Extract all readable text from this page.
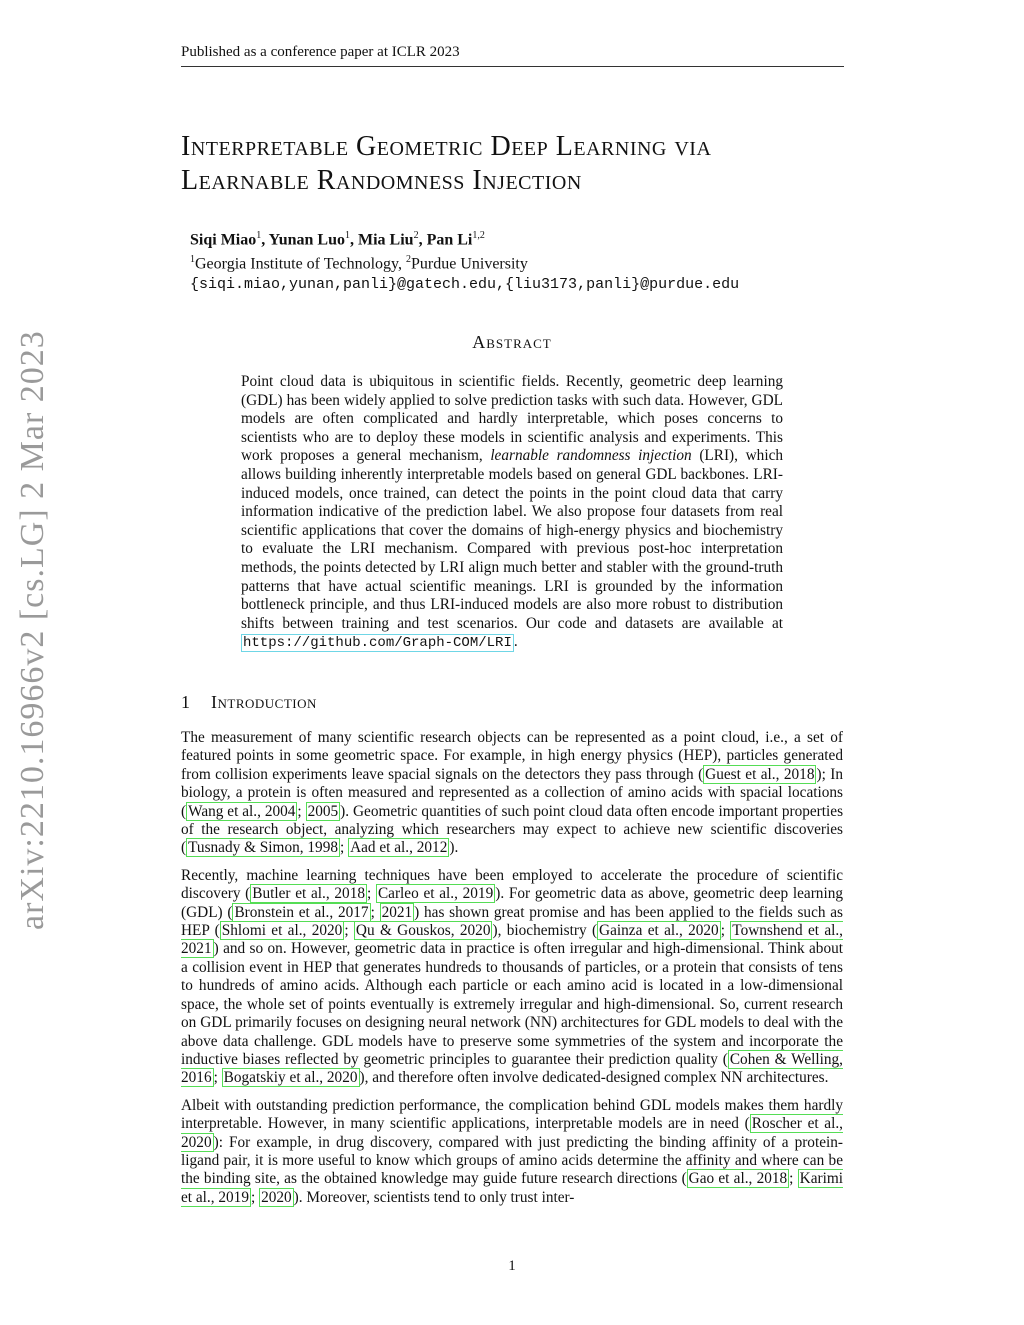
Published as a conference paper at ICLR 2023
arXiv:2210.16966v2 [cs.LG] 2 Mar 2023
Interpretable Geometric Deep Learning via
Learnable Randomness Injection
Siqi Miao$^1$, Yunan Luo$^1$, Mia Liu$^2$, Pan Li$^{1,2}$
$^1$Georgia Institute of Technology, $^2$Purdue University
{siqi.miao,yunan,panli}@gatech.edu,{liu3173,panli}@purdue.edu
Abstract
Point cloud data is ubiquitous in scientific fields. Recently, geometric deep learning (GDL) has been widely applied to solve prediction tasks with such data. However, GDL models are often complicated and hardly interpretable, which poses concerns to scientists who are to deploy these models in scientific analysis and experiments. This work proposes a general mechanism, learnable randomness injection (LRI), which allows building inherently interpretable models based on general GDL backbones. LRI-induced models, once trained, can detect the points in the point cloud data that carry information indicative of the prediction label. We also propose four datasets from real scientific applications that cover the domains of high-energy physics and biochemistry to evaluate the LRI mechanism. Compared with previous post-hoc interpretation methods, the points detected by LRI align much better and stabler with the ground-truth patterns that have actual scientific meanings. LRI is grounded by the information bottleneck principle, and thus LRI-induced models are also more robust to distribution shifts between training and test scenarios. Our code and datasets are available at https://github.com/Graph-COM/LRI .
1 Introduction

The measurement of many scientific research objects can be represented as a point cloud, i.e., a set of featured points in some geometric space. For example, in high energy physics (HEP), particles generated from collision experiments leave spacial signals on the detectors they pass through ( Guest et al., 2018 ); In biology, a protein is often measured and represented as a collection of amino acids with spacial locations ( Wang et al., 2004 ; 2005 ). Geometric quantities of such point cloud data often encode important properties of the research object, analyzing which researchers may expect to achieve new scientific discoveries ( Tusnady & Simon, 1998 ; Aad et al., 2012 ).

Recently, machine learning techniques have been employed to accelerate the procedure of scientific discovery ( Butler et al., 2018 ; Carleo et al., 2019 ). For geometric data as above, geometric deep learning (GDL) ( Bronstein et al., 2017 ; 2021 ) has shown great promise and has been applied to the fields such as HEP ( Shlomi et al., 2020 ; Qu & Gouskos, 2020 ), biochemistry ( Gainza et al., 2020 ; Townshend et al., 2021 ) and so on. However, geometric data in practice is often irregular and high-dimensional. Think about a collision event in HEP that generates hundreds to thousands of particles, or a protein that consists of tens to hundreds of amino acids. Although each particle or each amino acid is located in a low-dimensional space, the whole set of points eventually is extremely irregular and high-dimensional. So, current research on GDL primarily focuses on designing neural network (NN) architectures for GDL models to deal with the above data challenge. GDL models have to preserve some symmetries of the system and incorporate the inductive biases reflected by geometric principles to guarantee their prediction quality ( Cohen & Welling, 2016 ; Bogatskiy et al., 2020 ), and therefore often involve dedicated-designed complex NN architectures.

Albeit with outstanding prediction performance, the complication behind GDL models makes them hardly interpretable. However, in many scientific applications, interpretable models are in need ( Roscher et al., 2020 ): For example, in drug discovery, compared with just predicting the binding affinity of a protein-ligand pair, it is more useful to know which groups of amino acids determine the affinity and where can be the binding site, as the obtained knowledge may guide future research directions ( Gao et al., 2018 ; Karimi et al., 2019 ; 2020 ). Moreover, scientists tend to only trust inter-

1
